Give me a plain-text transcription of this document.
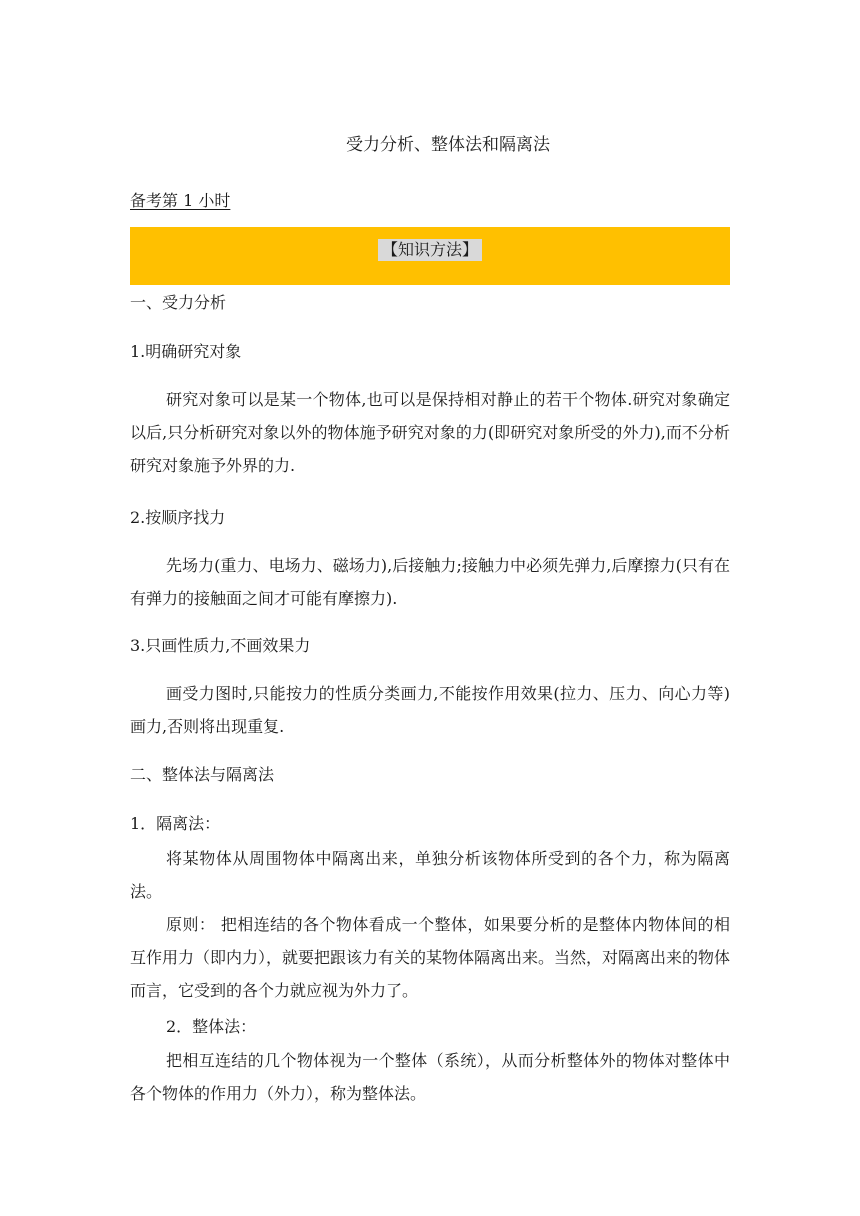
受力分析、整体法和隔离法
备考第 1 小时
【知识方法】
一、受力分析
1.明确研究对象
研究对象可以是某一个物体,也可以是保持相对静止的若干个物体.研究对象确定以后,只分析研究对象以外的物体施予研究对象的力(即研究对象所受的外力),而不分析研究对象施予外界的力.
2.按顺序找力
先场力(重力、电场力、磁场力),后接触力;接触力中必须先弹力,后摩擦力(只有在有弹力的接触面之间才可能有摩擦力).
3.只画性质力,不画效果力
画受力图时,只能按力的性质分类画力,不能按作用效果(拉力、压力、向心力等)画力,否则将出现重复.
二、整体法与隔离法
1．隔离法：
将某物体从周围物体中隔离出来，单独分析该物体所受到的各个力，称为隔离法。
原则： 把相连结的各个物体看成一个整体，如果要分析的是整体内物体间的相互作用力（即内力），就要把跟该力有关的某物体隔离出来。当然，对隔离出来的物体而言，它受到的各个力就应视为外力了。
2．整体法：
把相互连结的几个物体视为一个整体（系统），从而分析整体外的物体对整体中各个物体的作用力（外力），称为整体法。
